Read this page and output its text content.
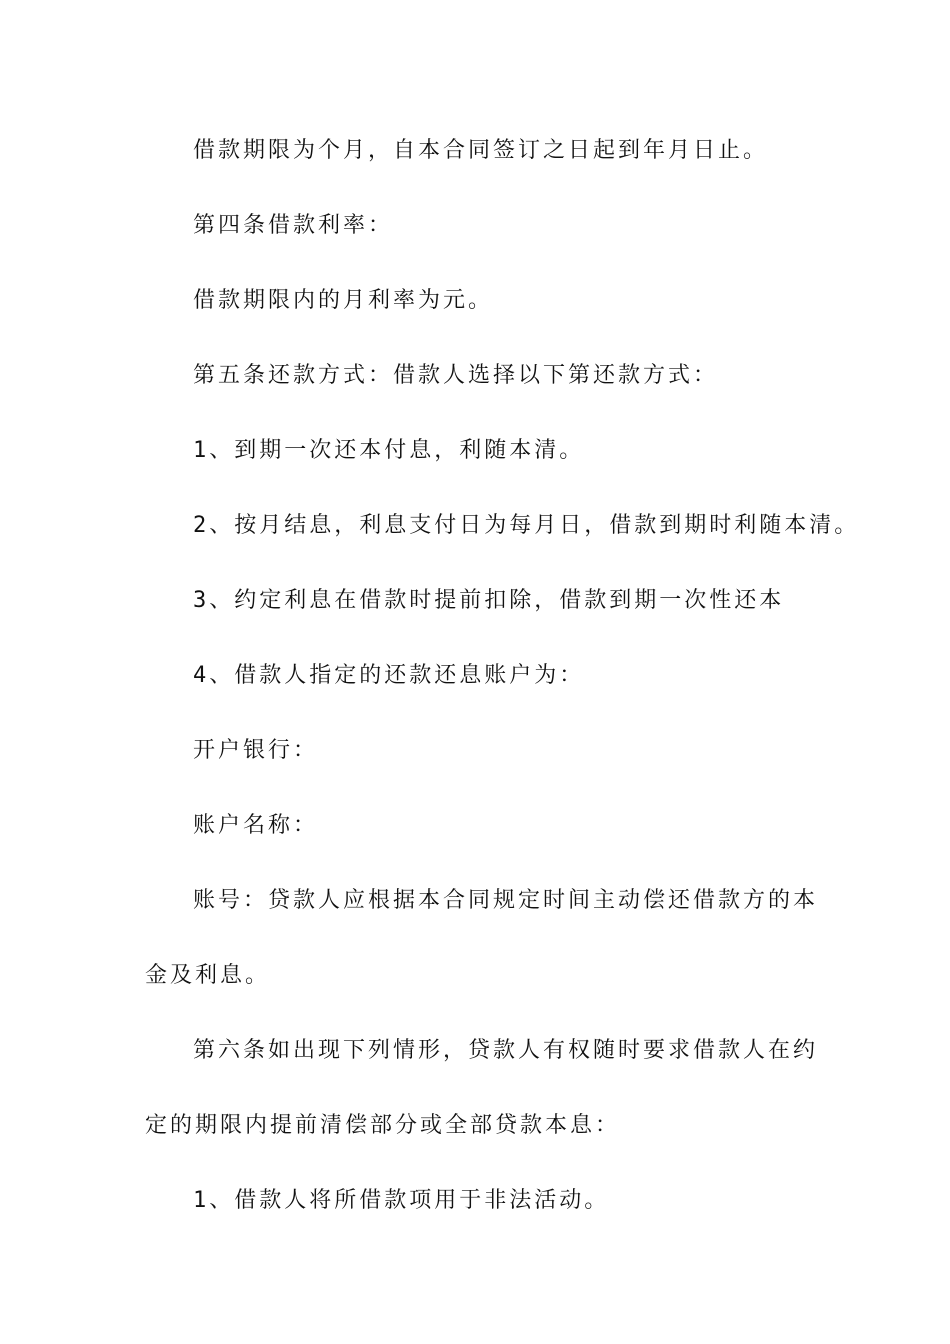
借款期限为个月，自本合同签订之日起到年月日止。
第四条借款利率：
借款期限内的月利率为元。
第五条还款方式：借款人选择以下第还款方式：
1、到期一次还本付息，利随本清。
2、按月结息，利息支付日为每月日，借款到期时利随本清。
3、约定利息在借款时提前扣除，借款到期一次性还本
4、借款人指定的还款还息账户为：
开户银行：
账户名称：
账号：贷款人应根据本合同规定时间主动偿还借款方的本
金及利息。
第六条如出现下列情形，贷款人有权随时要求借款人在约
定的期限内提前清偿部分或全部贷款本息：
1、借款人将所借款项用于非法活动。
